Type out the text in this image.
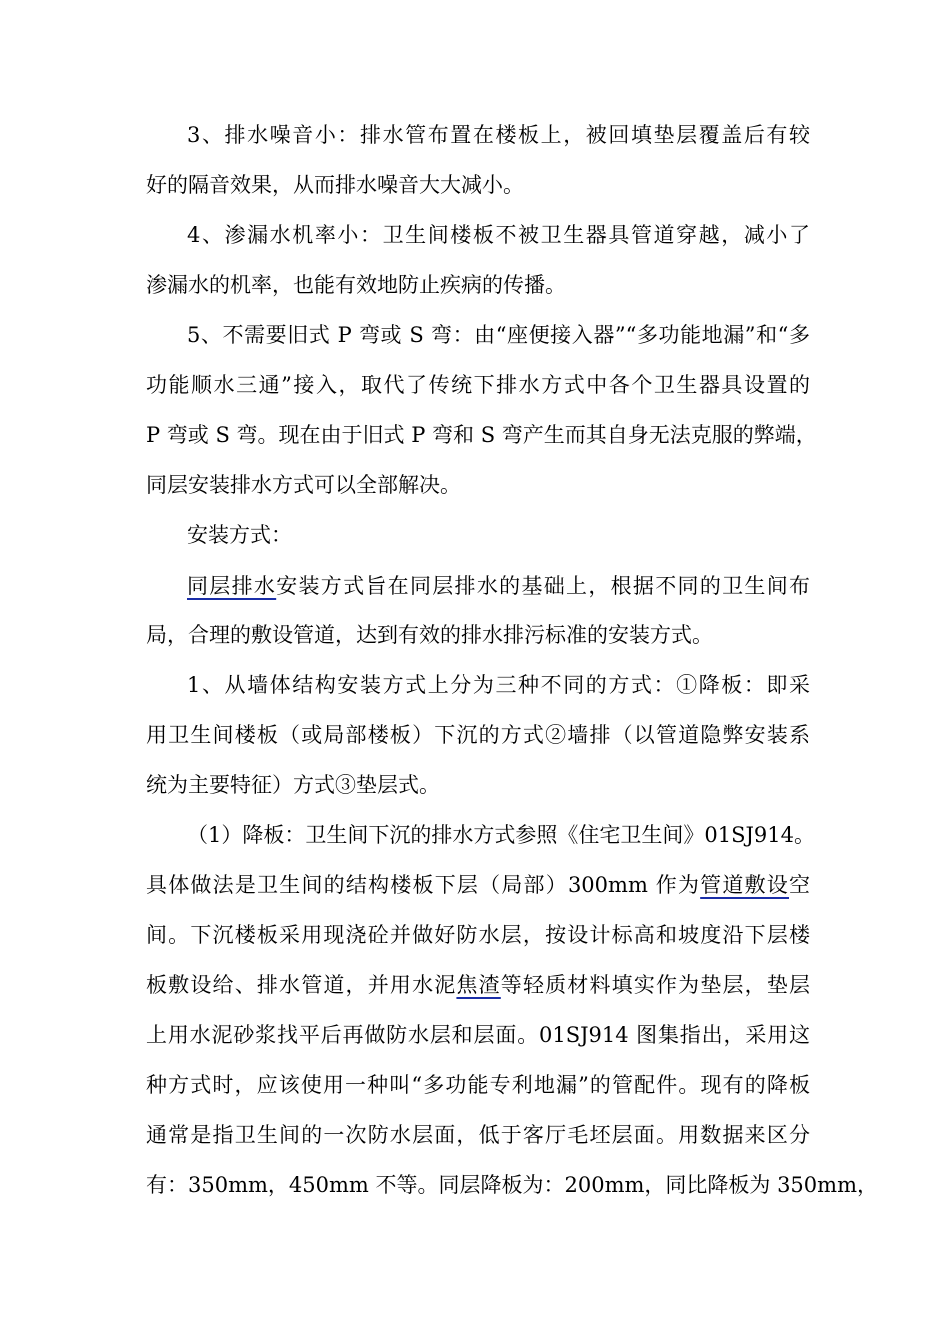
3、排水噪音小：排水管布置在楼板上，被回填垫层覆盖后有较
好的隔音效果，从而排水噪音大大减小。
4、渗漏水机率小：卫生间楼板不被卫生器具管道穿越，减小了
渗漏水的机率，也能有效地防止疾病的传播。
5、不需要旧式 P 弯或 S 弯：由“座便接入器”“多功能地漏”和“多
功能顺水三通”接入，取代了传统下排水方式中各个卫生器具设置的
P 弯或 S 弯。现在由于旧式 P 弯和 S 弯产生而其自身无法克服的弊端，
同层安装排水方式可以全部解决。
安装方式：
同层排水安装方式旨在同层排水的基础上，根据不同的卫生间布
局，合理的敷设管道，达到有效的排水排污标准的安装方式。
1、从墙体结构安装方式上分为三种不同的方式：①降板：即采
用卫生间楼板（或局部楼板）下沉的方式②墙排（以管道隐弊安装系
统为主要特征）方式③垫层式。
（1）降板：卫生间下沉的排水方式参照《住宅卫生间》01SJ914。
具体做法是卫生间的结构楼板下层（局部）300mm 作为管道敷设空
间。下沉楼板采用现浇砼并做好防水层，按设计标高和坡度沿下层楼
板敷设给、排水管道，并用水泥焦渣等轻质材料填实作为垫层，垫层
上用水泥砂浆找平后再做防水层和层面。01SJ914 图集指出，采用这
种方式时，应该使用一种叫“多功能专利地漏”的管配件。现有的降板
通常是指卫生间的一次防水层面，低于客厅毛坯层面。用数据来区分
有：350mm，450mm 不等。同层降板为：200mm，同比降板为 350mm，
